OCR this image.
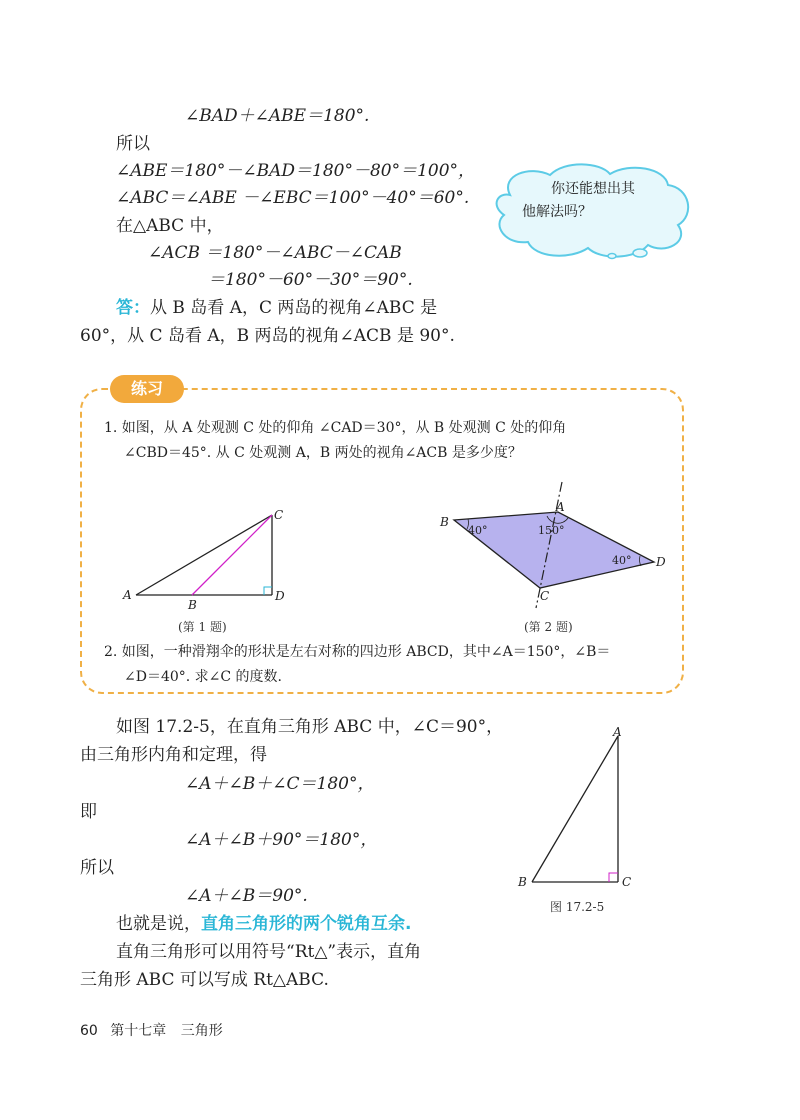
∠BAD＋∠ABE＝180°.
所以
∠ABE＝180°－∠BAD＝180°－80°＝100°，
∠ABC＝∠ABE －∠EBC＝100°－40°＝60°.
在△ABC 中，
∠ACB ＝180°－∠ABC－∠CAB
＝180°－60°－30°＝90°.
答：从 B 岛看 A，C 两岛的视角∠ABC 是
60°，从 C 岛看 A，B 两岛的视角∠ACB 是 90°.
你还能想出其
他解法吗？
练习
1. 如图，从 A 处观测 C 处的仰角 ∠CAD＝30°，从 B 处观测 C 处的仰角
∠CBD＝45°. 从 C 处观测 A，B 两处的视角∠ACB 是多少度？
A
B
C
D
(第 1 题)
B
A
D
C
40°	150°
40°
(第 2 题)
2. 如图，一种滑翔伞的形状是左右对称的四边形 ABCD，其中∠A＝150°，∠B＝
∠D＝40°. 求∠C 的度数.
如图 17.2-5，在直角三角形 ABC 中，∠C＝90°，
由三角形内角和定理，得
∠A＋∠B＋∠C＝180°，
即
∠A＋∠B＋90°＝180°，
所以
∠A＋∠B＝90°.
也就是说，直角三角形的两个锐角互余.
直角三角形可以用符号“Rt△”表示，直角
三角形 ABC 可以写成 Rt△ABC.
A
B	C
图 17.2-5
60 第十七章 三角形
